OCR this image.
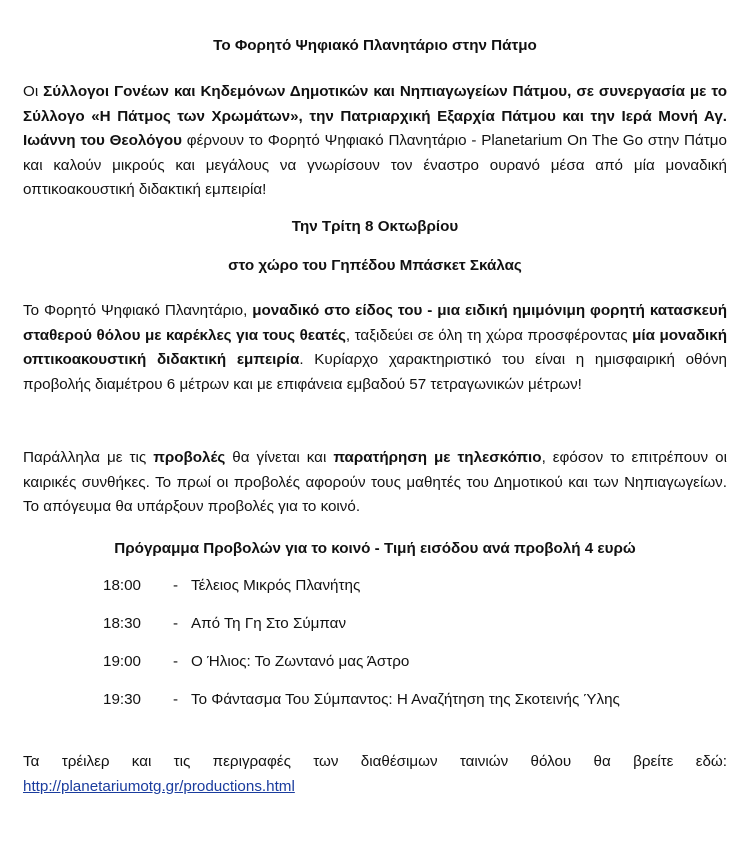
Το Φορητό Ψηφιακό Πλανητάριο στην Πάτμο

Οι Σύλλογοι Γονέων και Κηδεμόνων Δημοτικών και Νηπιαγωγείων Πάτμου, σε συνεργασία με το Σύλλογο «Η Πάτμος των Χρωμάτων», την Πατριαρχική Εξαρχία Πάτμου και την Ιερά Μονή Αγ. Ιωάννη του Θεολόγου φέρνουν το Φορητό Ψηφιακό Πλανητάριο - Planetarium On The Go στην Πάτμο και καλούν μικρούς και μεγάλους να γνωρίσουν τον έναστρο ουρανό μέσα από μία μοναδική οπτικοακουστική διδακτική εμπειρία!

Την Τρίτη 8 Οκτωβρίου

στο χώρο του Γηπέδου Μπάσκετ Σκάλας

Το Φορητό Ψηφιακό Πλανητάριο, μοναδικό στο είδος του - μια ειδική ημιμόνιμη φορητή κατασκευή σταθερού θόλου με καρέκλες για τους θεατές, ταξιδεύει σε όλη τη χώρα προσφέροντας μία μοναδική οπτικοακουστική διδακτική εμπειρία. Κυρίαρχο χαρακτηριστικό του είναι η ημισφαιρική οθόνη προβολής διαμέτρου 6 μέτρων και με επιφάνεια εμβαδού 57 τετραγωνικών μέτρων!

Παράλληλα με τις προβολές θα γίνεται και παρατήρηση με τηλεσκόπιο, εφόσον το επιτρέπουν οι καιρικές συνθήκες. Το πρωί οι προβολές αφορούν τους μαθητές του Δημοτικού και των Νηπιαγωγείων. Το απόγευμα θα υπάρξουν προβολές για το κοινό.

Πρόγραμμα Προβολών για το κοινό - Τιμή εισόδου ανά προβολή 4 ευρώ

18:00	- Τέλειος Μικρός Πλανήτης
18:30	- Από Τη Γη Στο Σύμπαν
19:00	- Ο Ήλιος: Το Ζωντανό μας Άστρο
19:30	- Το Φάντασμα Του Σύμπαντος: Η Αναζήτηση της Σκοτεινής Ύλης
Τα τρέιλερ και τις περιγραφές των διαθέσιμων ταινιών θόλου θα βρείτε εδώ:
http://planetariumotg.gr/productions.html
